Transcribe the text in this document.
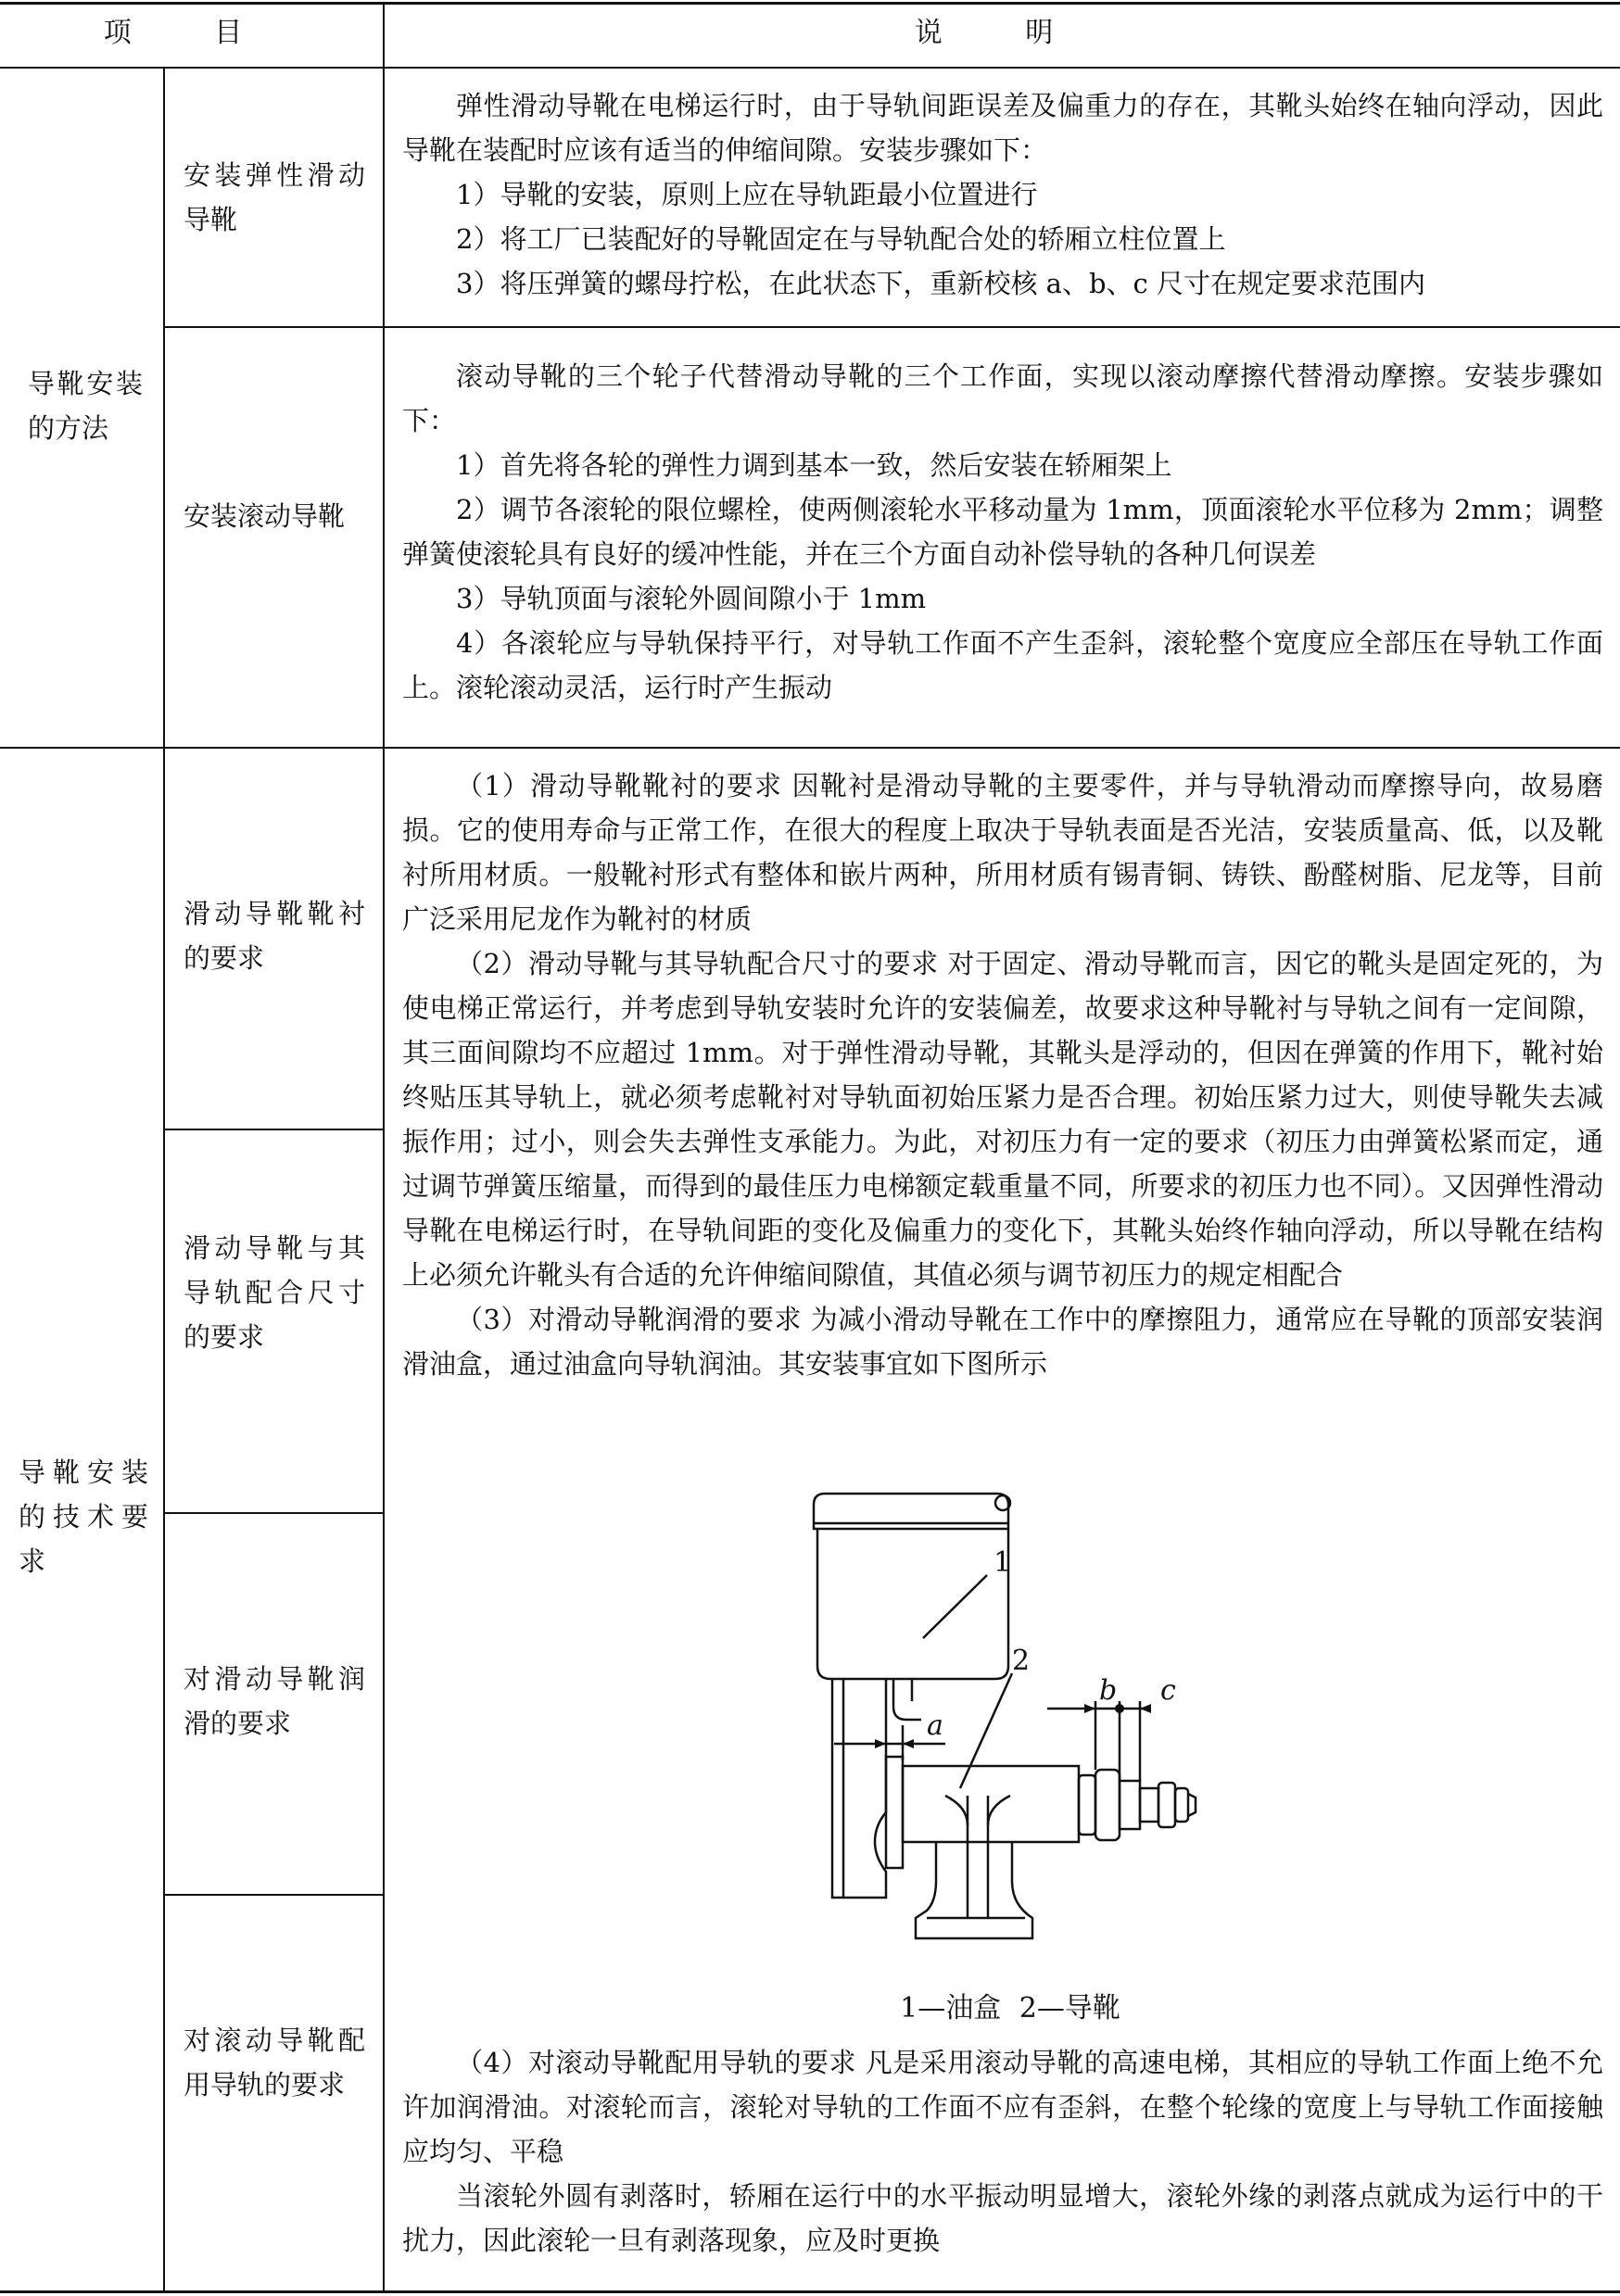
项 目	说 明
导靴安装的方法
安装弹性滑动导靴
安装滚动导靴

弹性滑动导靴在电梯运行时，由于导轨间距误差及偏重力的存在，其靴头始终在轴向浮动，因此导靴在装配时应该有适当的伸缩间隙。安装步骤如下：

1）导靴的安装，原则上应在导轨距最小位置进行

2）将工厂已装配好的导靴固定在与导轨配合处的轿厢立柱位置上

3）将压弹簧的螺母拧松，在此状态下，重新校核 a、b、c 尺寸在规定要求范围内

滚动导靴的三个轮子代替滑动导靴的三个工作面，实现以滚动摩擦代替滑动摩擦。安装步骤如下：

1）首先将各轮的弹性力调到基本一致，然后安装在轿厢架上

2）调节各滚轮的限位螺栓，使两侧滚轮水平移动量为 1mm，顶面滚轮水平位移为 2mm；调整弹簧使滚轮具有良好的缓冲性能，并在三个方面自动补偿导轨的各种几何误差

3）导轨顶面与滚轮外圆间隙小于 1mm

4）各滚轮应与导轨保持平行，对导轨工作面不产生歪斜，滚轮整个宽度应全部压在导轨工作面上。滚轮滚动灵活，运行时产生振动

导靴安装的技术要求
滑动导靴靴衬的要求
滑动导靴与其导轨配合尺寸的要求
对滑动导靴润滑的要求
对滚动导靴配用导轨的要求

（1）滑动导靴靴衬的要求 因靴衬是滑动导靴的主要零件，并与导轨滑动而摩擦导向，故易磨损。它的使用寿命与正常工作，在很大的程度上取决于导轨表面是否光洁，安装质量高、低，以及靴衬所用材质。一般靴衬形式有整体和嵌片两种，所用材质有锡青铜、铸铁、酚醛树脂、尼龙等，目前广泛采用尼龙作为靴衬的材质

（2）滑动导靴与其导轨配合尺寸的要求 对于固定、滑动导靴而言，因它的靴头是固定死的，为使电梯正常运行，并考虑到导轨安装时允许的安装偏差，故要求这种导靴衬与导轨之间有一定间隙，其三面间隙均不应超过 1mm。对于弹性滑动导靴，其靴头是浮动的，但因在弹簧的作用下，靴衬始终贴压其导轨上，就必须考虑靴衬对导轨面初始压紧力是否合理。初始压紧力过大，则使导靴失去减振作用；过小，则会失去弹性支承能力。为此，对初压力有一定的要求（初压力由弹簧松紧而定，通过调节弹簧压缩量，而得到的最佳压力电梯额定载重量不同，所要求的初压力也不同）。又因弹性滑动导靴在电梯运行时，在导轨间距的变化及偏重力的变化下，其靴头始终作轴向浮动，所以导靴在结构上必须允许靴头有合适的允许伸缩间隙值，其值必须与调节初压力的规定相配合

（3）对滑动导靴润滑的要求 为减小滑动导靴在工作中的摩擦阻力，通常应在导靴的顶部安装润滑油盒，通过油盒向导轨润油。其安装事宜如下图所示

1
2
a
b c
1—油盒 2—导靴

（4）对滚动导靴配用导轨的要求 凡是采用滚动导靴的高速电梯，其相应的导轨工作面上绝不允许加润滑油。对滚轮而言，滚轮对导轨的工作面不应有歪斜，在整个轮缘的宽度上与导轨工作面接触应均匀、平稳

当滚轮外圆有剥落时，轿厢在运行中的水平振动明显增大，滚轮外缘的剥落点就成为运行中的干扰力，因此滚轮一旦有剥落现象，应及时更换
